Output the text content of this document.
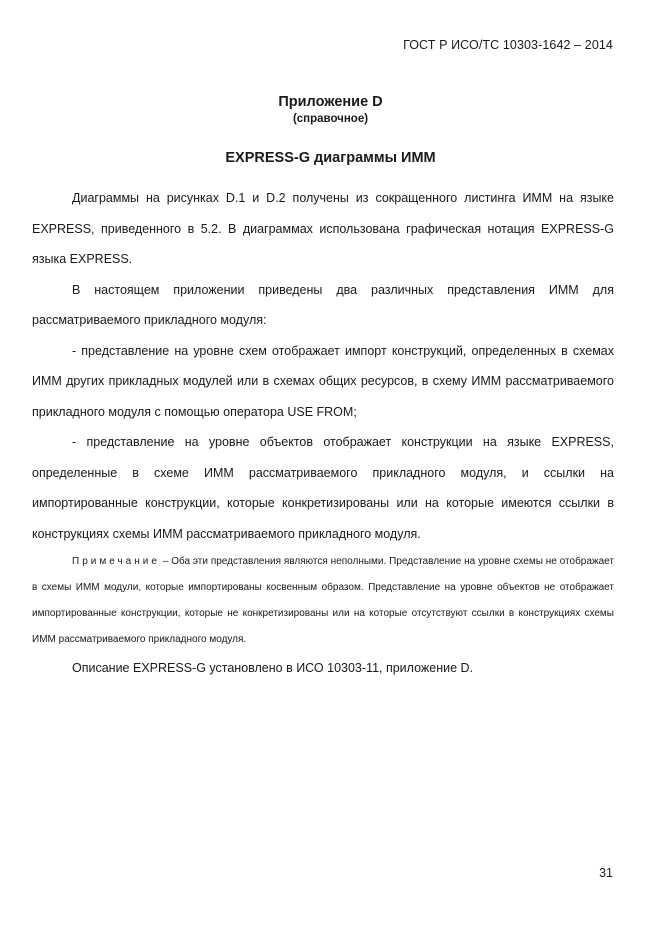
ГОСТ Р ИСО/ТС 10303-1642 – 2014
Приложение D
(справочное)
EXPRESS-G диаграммы ИММ

Диаграммы на рисунках D.1 и D.2 получены из сокращенного листинга ИММ на языке EXPRESS, приведенного в 5.2. В диаграммах использована графическая нотация EXPRESS-G языка EXPRESS.

В настоящем приложении приведены два различных представления ИММ для рассматриваемого прикладного модуля:

- представление на уровне схем отображает импорт конструкций, определенных в схемах ИММ других прикладных модулей или в схемах общих ресурсов, в схему ИММ рассматриваемого прикладного модуля с помощью оператора USE FROM;

- представление на уровне объектов отображает конструкции на языке EXPRESS, определенные в схеме ИММ рассматриваемого прикладного модуля, и ссылки на импортированные конструкции, которые конкретизированы или на которые имеются ссылки в конструкциях схемы ИММ рассматриваемого прикладного модуля.

Примечание – Оба эти представления являются неполными. Представление на уровне схемы не отображает в схемы ИММ модули, которые импортированы косвенным образом. Представление на уровне объектов не отображает импортированные конструкции, которые не конкретизированы или на которые отсутствуют ссылки в конструкциях схемы ИММ рассматриваемого прикладного модуля.

Описание EXPRESS-G установлено в ИСО 10303-11, приложение D.

31
